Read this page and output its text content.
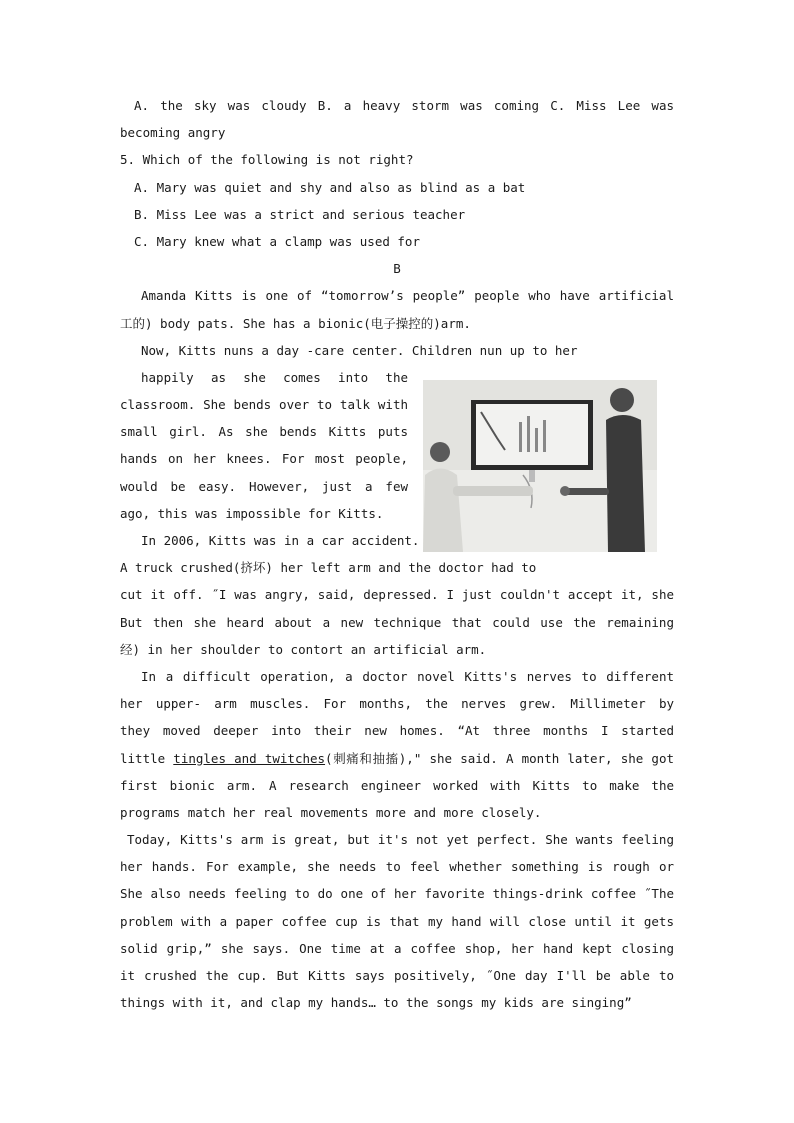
A. the sky was cloudy B. a heavy storm was coming C. Miss Lee was
becoming angry
5. Which of the following is not right?
A. Mary was quiet and shy and also as blind as a bat
B. Miss Lee was a strict and serious teacher
C. Mary knew what a clamp was used for
B
Amanda Kitts is one of “tomorrow’s people” people who have artificial
工的) body pats. She has a bionic(电子操控的)arm.
Now, Kitts nuns a day -care center. Children nun up to her
happily as she comes into the
classroom. She bends over to talk with
small girl. As she bends Kitts puts
hands on her knees. For most people,
would be easy. However, just a few
ago, this was impossible for Kitts.
In 2006, Kitts was in a car accident.
A truck crushed(挤坏) her left arm and the doctor had to
cut it off. ˝I was angry, said, depressed. I just couldn't accept it, she
But then she heard about a new technique that could use the remaining
经) in her shoulder to contort an artificial arm.
In a difficult operation, a doctor novel Kitts's nerves to different
her upper- arm muscles. For months, the nerves grew. Millimeter by
they moved deeper into their new homes. “At three months I started
little tingles and twitches(刺痛和抽搐)," she said. A month later, she got
first bionic arm. A research engineer worked with Kitts to make the
programs match her real movements more and more closely.
Today, Kitts's arm is great, but it's not yet perfect. She wants feeling
her hands. For example, she needs to feel whether something is rough or
She also needs feeling to do one of her favorite things-drink coffee ˝The
problem with a paper coffee cup is that my hand will close until it gets
solid grip,” she says. One time at a coffee shop, her hand kept closing
it crushed the cup. But Kitts says positively, ˝One day I'll be able to
things with it, and clap my hands… to the songs my kids are singing”
